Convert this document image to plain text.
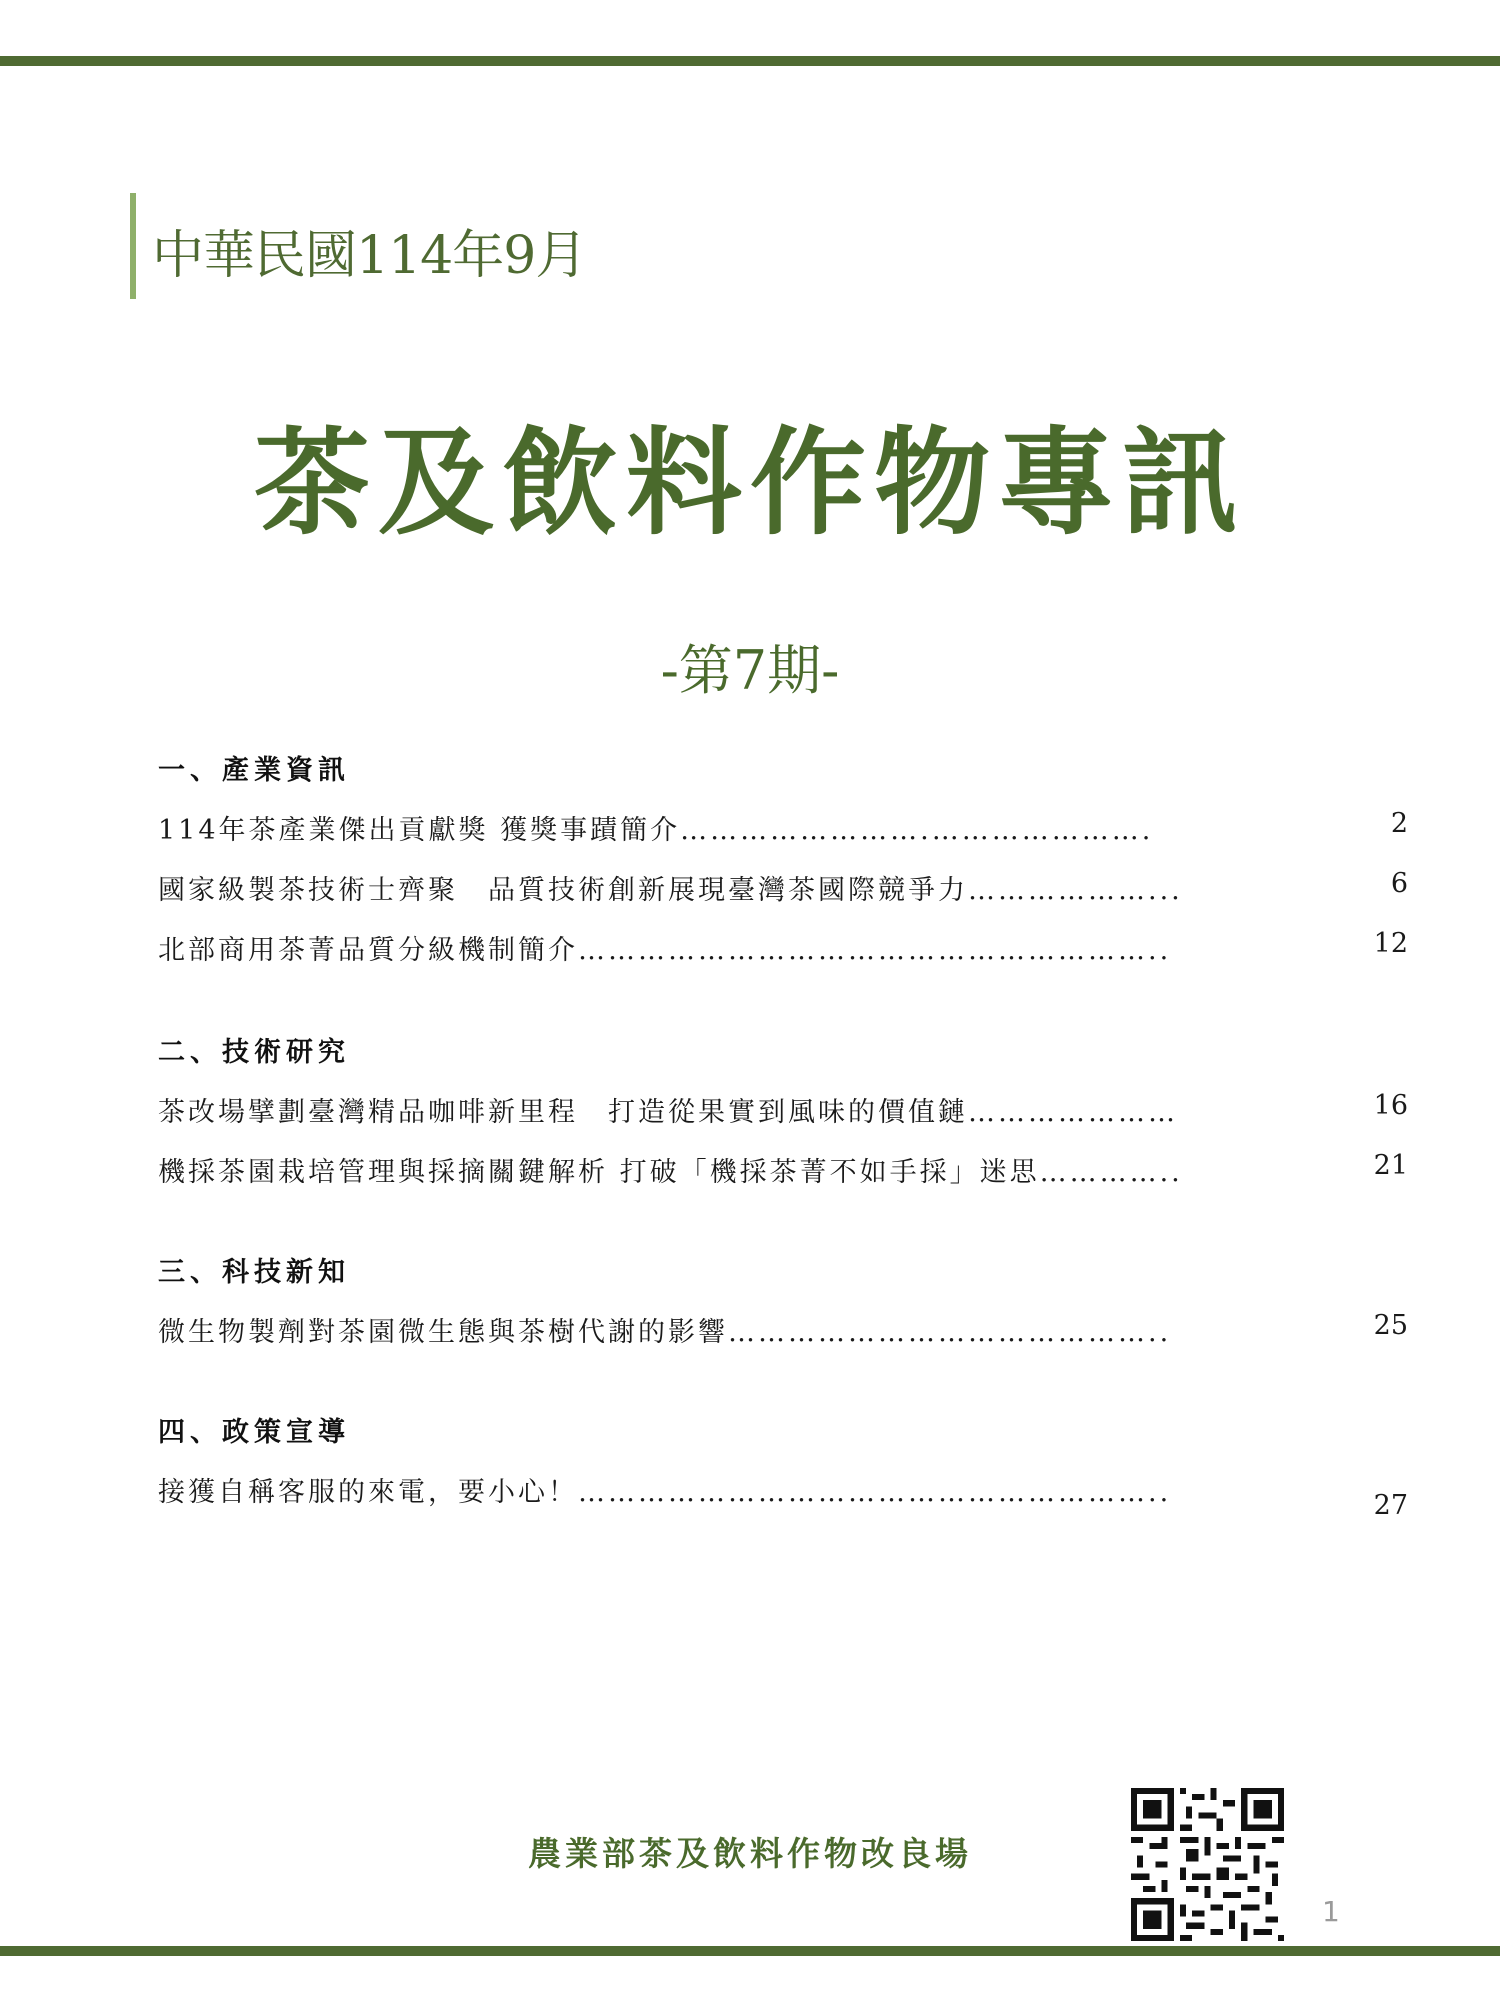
中華民國114年9月
茶及飲料作物專訊
-第7期-
一、產業資訊
114年茶產業傑出貢獻獎 獲獎事蹟簡介…………………….………………….	2
國家級製茶技術士齊聚　品質技術創新展現臺灣茶國際競爭力………………...	6
北部商用茶菁品質分級機制簡介…………………………………………………..	12
二、技術研究
茶改場擘劃臺灣精品咖啡新里程　打造從果實到風味的價值鏈…………………	16
機採茶園栽培管理與採摘關鍵解析 打破「機採茶菁不如手採」迷思…………..	21
三、科技新知
微生物製劑對茶園微生態與茶樹代謝的影響……………………………………..	25
四、政策宣導
接獲自稱客服的來電，要小心！…………………………………………………..	27
農業部茶及飲料作物改良場
1
